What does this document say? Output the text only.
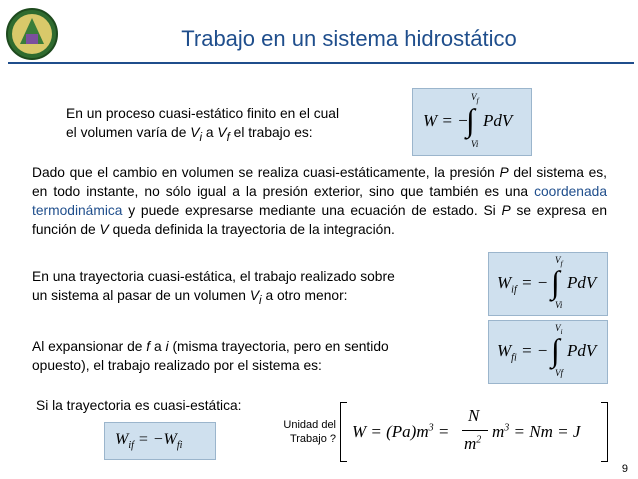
Trabajo en un sistema hidrostático
En un proceso cuasi-estático finito en el cual
el volumen varía de $V_i$ a $V_f$ el trabajo es:
W = −
∫
$V_f$
Vi
PdV
Dado que el cambio en volumen se realiza cuasi-estáticamente, la presión P del sistema es, en todo instante, no sólo igual a la presión exterior, sino que también es una coordenada termodinámica y puede expresarse mediante una ecuación de estado. Si P se expresa en función de V queda definida la trayectoria de la integración.
En una trayectoria cuasi-estática, el trabajo realizado sobre
un sistema al pasar de un volumen $V_i$ a otro menor:
$W_{if}$ = − ∫
$V_f$
Vi
PdV
Al expansionar de f a i (misma trayectoria, pero en sentido
opuesto), el trabajo realizado por el sistema es:
$W_{fi}$ = − ∫
$V_i$
Vf
PdV
Si la trayectoria es cuasi-estática:
$W_{if} = -W_{fi}$
Unidad del
Trabajo ? $W = (Pa)m^3$ =
N
$m^2$ $m^3 = Nm = J$
9
